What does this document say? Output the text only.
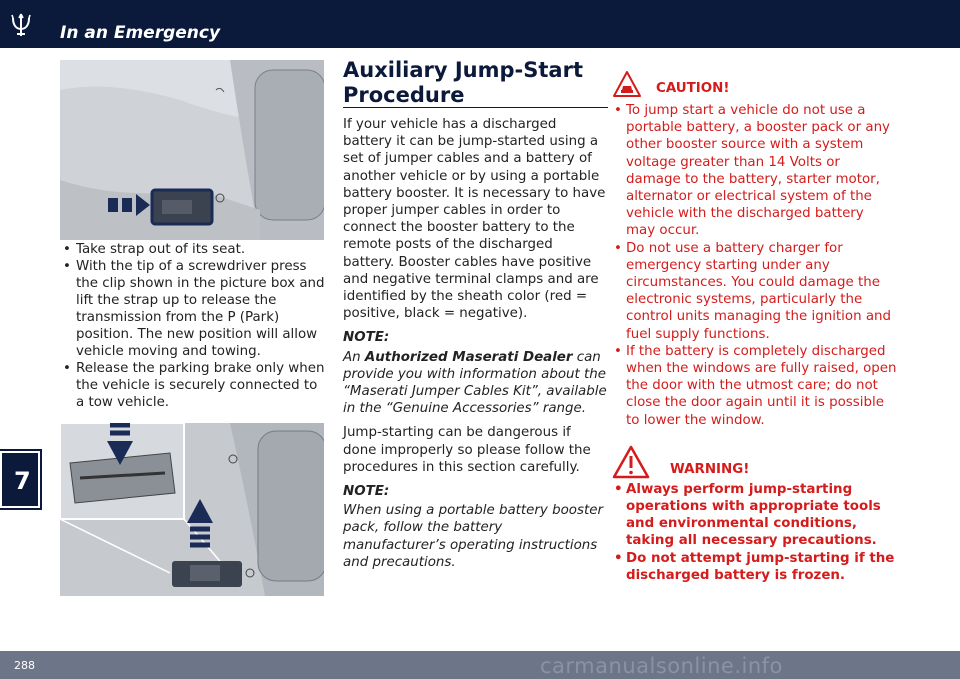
In an Emergency
7

• Take strap out of its seat.

• With the tip of a screwdriver press the clip shown in the picture box and lift the strap up to release the transmission from the P (Park) position. The new position will allow vehicle moving and towing.

• Release the parking brake only when the vehicle is securely connected to a tow vehicle.

Auxiliary Jump-Start Procedure

If your vehicle has a discharged battery it can be jump-started using a set of jumper cables and a battery of another vehicle or by using a portable battery booster. It is necessary to have proper jumper cables in order to connect the booster battery to the remote posts of the discharged battery. Booster cables have positive and negative terminal clamps and are identified by the sheath color (red = positive, black = negative).

NOTE:

An Authorized Maserati Dealer can provide you with information about the “Maserati Jumper Cables Kit”, available in the “Genuine Accessories” range.

Jump-starting can be dangerous if done improperly so please follow the procedures in this section carefully.

NOTE:

When using a portable battery booster pack, follow the battery manufacturer’s operating instructions and precautions.

CAUTION!

• To jump start a vehicle do not use a portable battery, a booster pack or any other booster source with a system voltage greater than 14 Volts or damage to the battery, starter motor, alternator or electrical system of the vehicle with the discharged battery may occur.

• Do not use a battery charger for emergency starting under any circumstances. You could damage the electronic systems, particularly the control units managing the ignition and fuel supply functions.

• If the battery is completely discharged when the windows are fully raised, open the door with the utmost care; do not close the door again until it is possible to lower the window.

WARNING!

• Always perform jump-starting operations with appropriate tools and environmental conditions, taking all necessary precautions.

• Do not attempt jump-starting if the discharged battery is frozen.

288	carmanualsonline.info
